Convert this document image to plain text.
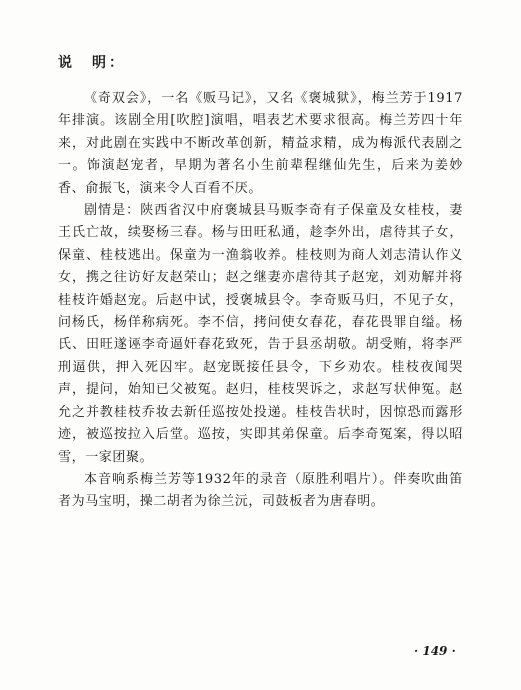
说　明：

《奇双会》，一名《贩马记》，又名《褒城狱》，梅兰芳于1917年排演。该剧全用[吹腔]演唱，唱表艺术要求很高。梅兰芳四十年来，对此剧在实践中不断改革创新，精益求精，成为梅派代表剧之一。饰演赵宠者，早期为著名小生前辈程继仙先生，后来为姜妙香、俞振飞，演来令人百看不厌。

剧情是：陕西省汉中府褒城县马贩李奇有子保童及女桂枝，妻王氏亡故，续娶杨三春。杨与田旺私通，趁李外出，虐待其子女，保童、桂枝逃出。保童为一渔翁收养。桂枝则为商人刘志清认作义女，携之往访好友赵荣山；赵之继妻亦虐待其子赵宠，刘劝解并将桂枝许婚赵宠。后赵中试，授褒城县令。李奇贩马归，不见子女，问杨氏，杨佯称病死。李不信，拷问使女春花，春花畏罪自缢。杨氏、田旺遂诬李奇逼奸春花致死，告于县丞胡敬。胡受贿，将李严刑逼供，押入死囚牢。赵宠既接任县令，下乡劝农。桂枝夜闻哭声，提问，始知已父被冤。赵归，桂枝哭诉之，求赵写状伸冤。赵允之并教桂枝乔妆去新任巡按处投递。桂枝告状时，因惊恐而露形迹，被巡按拉入后堂。巡按，实即其弟保童。后李奇冤案，得以昭雪，一家团聚。

本音响系梅兰芳等1932年的录音（原胜利唱片）。伴奏吹曲笛者为马宝明，操二胡者为徐兰沅，司鼓板者为唐春明。

· 149 ·
